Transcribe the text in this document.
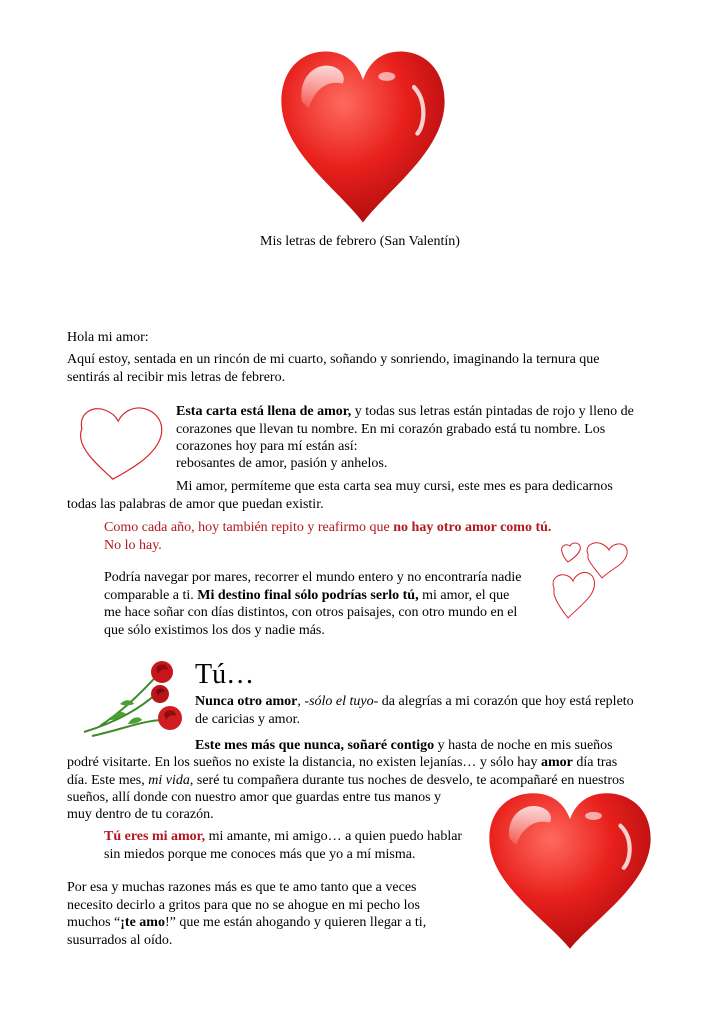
Mis letras de febrero (San Valentín)

Hola mi amor:

Aquí estoy, sentada en un rincón de mi cuarto, soñando y sonriendo, imaginando la ternura que

sentirás al recibir mis letras de febrero.

Esta carta está llena de amor, y todas sus letras están pintadas de rojo y lleno de

corazones que llevan tu nombre. En mi corazón grabado está tu nombre. Los

corazones hoy para mí están así:

rebosantes de amor, pasión y anhelos.

Mi amor, permíteme que esta carta sea muy cursi, este mes es para dedicarnos

todas las palabras de amor que puedan existir.

Como cada año, hoy también repito y reafirmo que no hay otro amor como tú.

No lo hay.

Podría navegar por mares, recorrer el mundo entero y no encontraría nadie

comparable a ti. Mi destino final sólo podrías serlo tú, mi amor, el que

me hace soñar con días distintos, con otros paisajes, con otro mundo en el

que sólo existimos los dos y nadie más.

Tú…

Nunca otro amor, -sólo el tuyo- da alegrías a mi corazón que hoy está repleto

de caricias y amor.

Este mes más que nunca, soñaré contigo y hasta de noche en mis sueños

podré visitarte. En los sueños no existe la distancia, no existen lejanías… y sólo hay amor día tras

día. Este mes, mi vida, seré tu compañera durante tus noches de desvelo, te acompañaré en nuestros

sueños, allí donde con nuestro amor que guardas entre tus manos y

muy dentro de tu corazón.

Tú eres mi amor, mi amante, mi amigo… a quien puedo hablar

sin miedos porque me conoces más que yo a mí misma.

Por esa y muchas razones más es que te amo tanto que a veces

necesito decirlo a gritos para que no se ahogue en mi pecho los

muchos “¡te amo!” que me están ahogando y quieren llegar a ti,

susurrados al oído.
